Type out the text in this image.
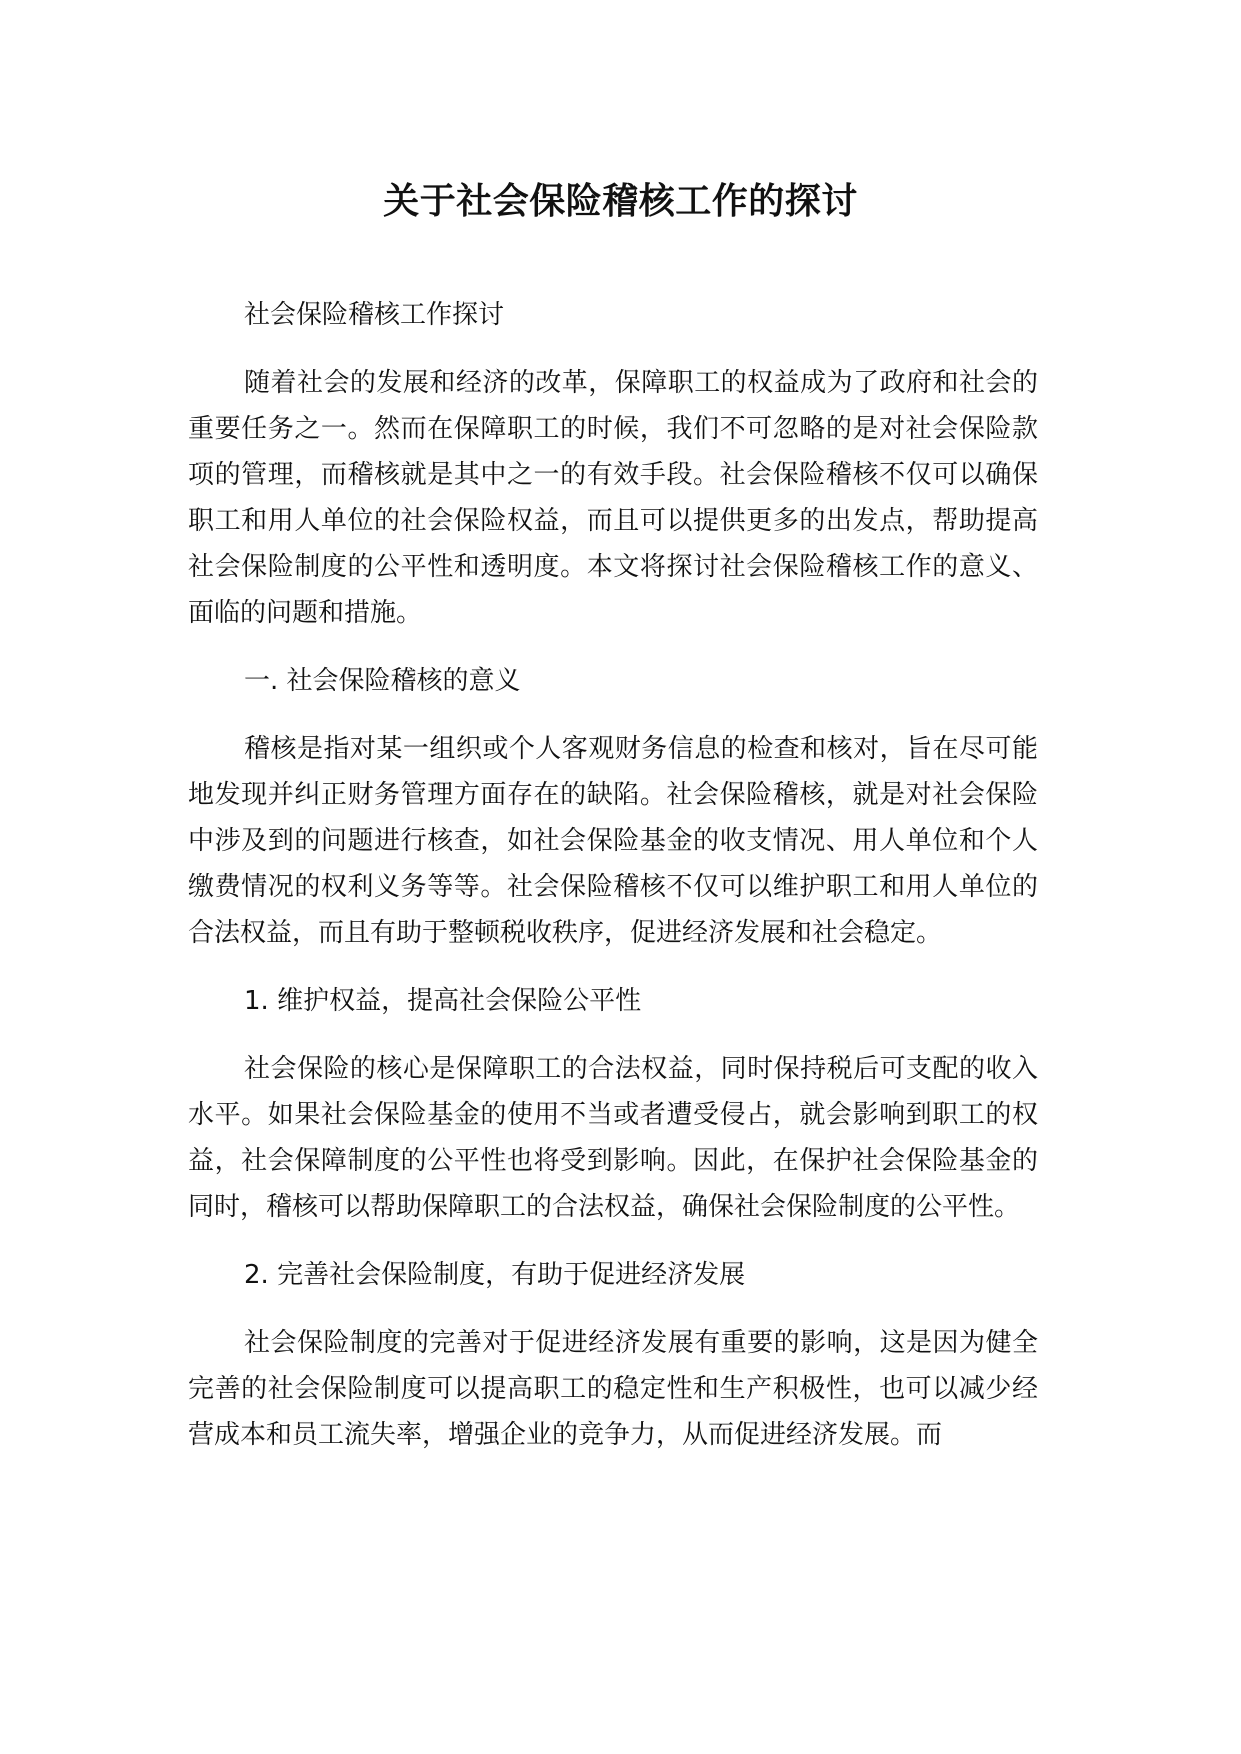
关于社会保险稽核工作的探讨

社会保险稽核工作探讨

随着社会的发展和经济的改革，保障职工的权益成为了政府和社会的重要任务之一。然而在保障职工的时候，我们不可忽略的是对社会保险款项的管理，而稽核就是其中之一的有效手段。社会保险稽核不仅可以确保职工和用人单位的社会保险权益，而且可以提供更多的出发点，帮助提高社会保险制度的公平性和透明度。本文将探讨社会保险稽核工作的意义、面临的问题和措施。

一. 社会保险稽核的意义

稽核是指对某一组织或个人客观财务信息的检查和核对，旨在尽可能地发现并纠正财务管理方面存在的缺陷。社会保险稽核，就是对社会保险中涉及到的问题进行核查，如社会保险基金的收支情况、用人单位和个人缴费情况的权利义务等等。社会保险稽核不仅可以维护职工和用人单位的合法权益，而且有助于整顿税收秩序，促进经济发展和社会稳定。

1. 维护权益，提高社会保险公平性

社会保险的核心是保障职工的合法权益，同时保持税后可支配的收入水平。如果社会保险基金的使用不当或者遭受侵占，就会影响到职工的权益，社会保障制度的公平性也将受到影响。因此，在保护社会保险基金的同时，稽核可以帮助保障职工的合法权益，确保社会保险制度的公平性。

2. 完善社会保险制度，有助于促进经济发展

社会保险制度的完善对于促进经济发展有重要的影响，这是因为健全完善的社会保险制度可以提高职工的稳定性和生产积极性，也可以减少经营成本和员工流失率，增强企业的竞争力，从而促进经济发展。而
